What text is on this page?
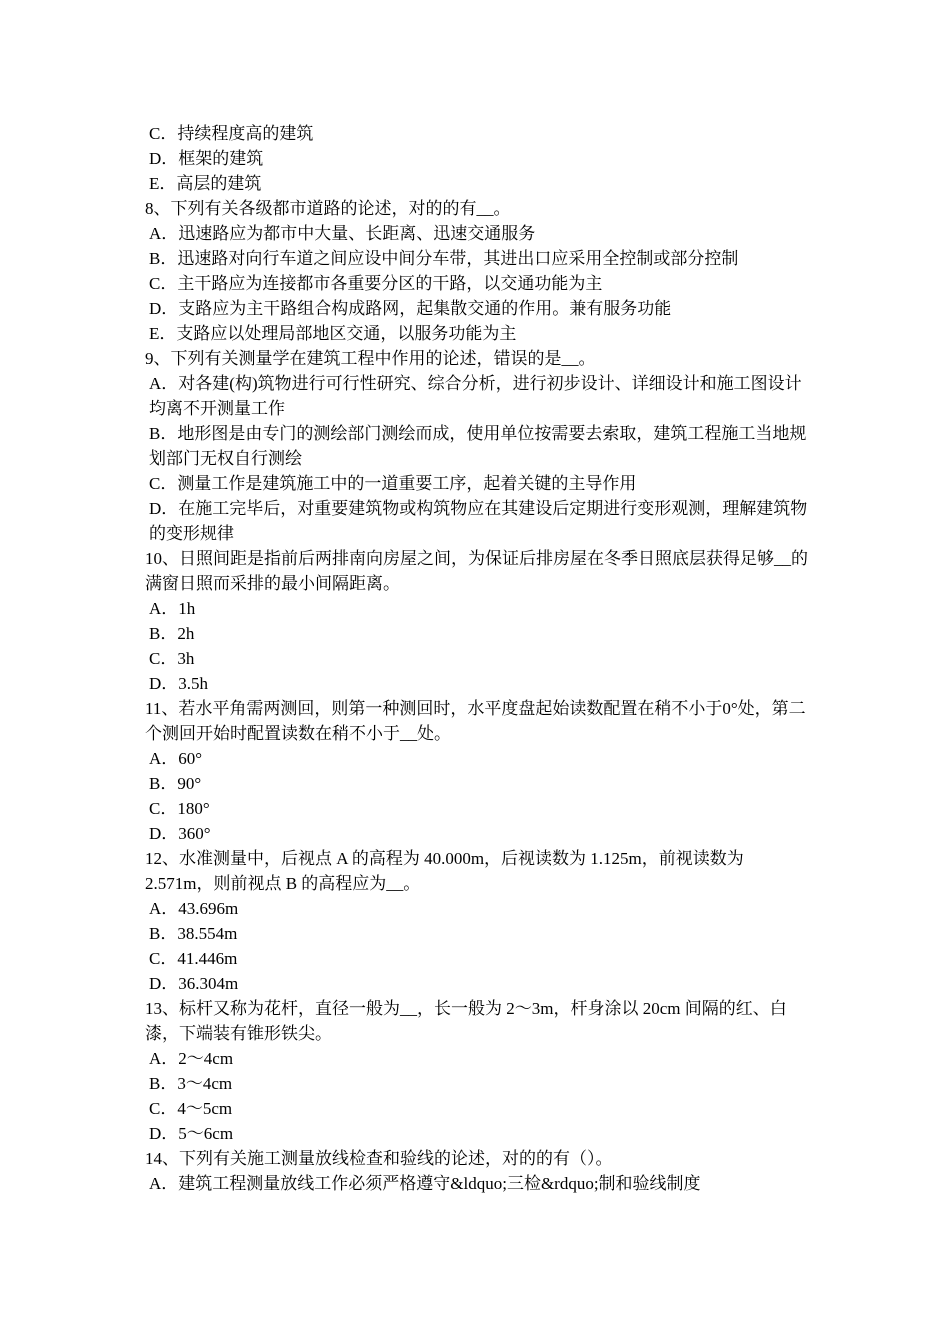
C．持续程度高的建筑

D．框架的建筑

E．高层的建筑

8、下列有关各级都市道路的论述，对的的有__。

A．迅速路应为都市中大量、长距离、迅速交通服务

B．迅速路对向行车道之间应设中间分车带，其进出口应采用全控制或部分控制

C．主干路应为连接都市各重要分区的干路，以交通功能为主

D．支路应为主干路组合构成路网，起集散交通的作用。兼有服务功能

E．支路应以处理局部地区交通，以服务功能为主

9、下列有关测量学在建筑工程中作用的论述，错误的是__。

A．对各建(构)筑物进行可行性研究、综合分析，进行初步设计、详细设计和施工图设计均离不开测量工作

B．地形图是由专门的测绘部门测绘而成，使用单位按需要去索取，建筑工程施工当地规划部门无权自行测绘

C．测量工作是建筑施工中的一道重要工序，起着关键的主导作用

D．在施工完毕后，对重要建筑物或构筑物应在其建设后定期进行变形观测，理解建筑物的变形规律

10、日照间距是指前后两排南向房屋之间，为保证后排房屋在冬季日照底层获得足够__的满窗日照而采排的最小间隔距离。

A．1h

B．2h

C．3h

D．3.5h

11、若水平角需两测回，则第一种测回时，水平度盘起始读数配置在稍不小于0°处，第二个测回开始时配置读数在稍不小于__处。

A．60°

B．90°

C．180°

D．360°

12、水准测量中，后视点 A 的高程为 40.000m，后视读数为 1.125m，前视读数为 2.571m，则前视点 B 的高程应为__。

A．43.696m

B．38.554m

C．41.446m

D．36.304m

13、标杆又称为花杆，直径一般为__，长一般为 2～3m，杆身涂以 20cm 间隔的红、白漆，下端装有锥形铁尖。

A．2～4cm

B．3～4cm

C．4～5cm

D．5～6cm

14、下列有关施工测量放线检查和验线的论述，对的的有（）。

A．建筑工程测量放线工作必须严格遵守&ldquo;三检&rdquo;制和验线制度
